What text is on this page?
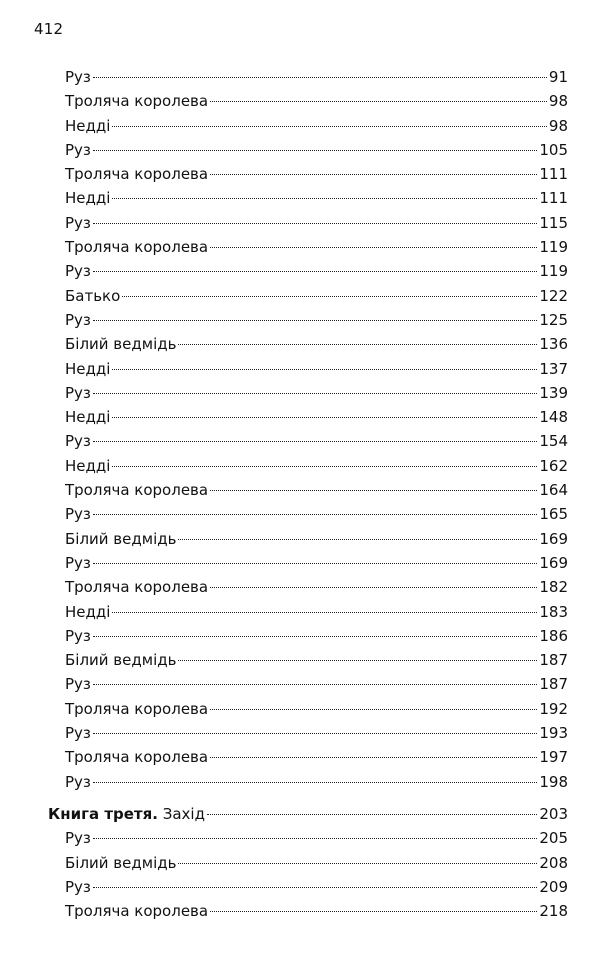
412
Руз	91
Троляча королева	98
Недді	98
Руз	105
Троляча королева	111
Недді	111
Руз	115
Троляча королева	119
Руз	119
Батько	122
Руз	125
Білий ведмідь	136
Недді	137
Руз	139
Недді	148
Руз	154
Недді	162
Троляча королева	164
Руз	165
Білий ведмідь	169
Руз	169
Троляча королева	182
Недді	183
Руз	186
Білий ведмідь	187
Руз	187
Троляча королева	192
Руз	193
Троляча королева	197
Руз	198
Книга третя. Захід	203
Руз	205
Білий ведмідь	208
Руз	209
Троляча королева	218
